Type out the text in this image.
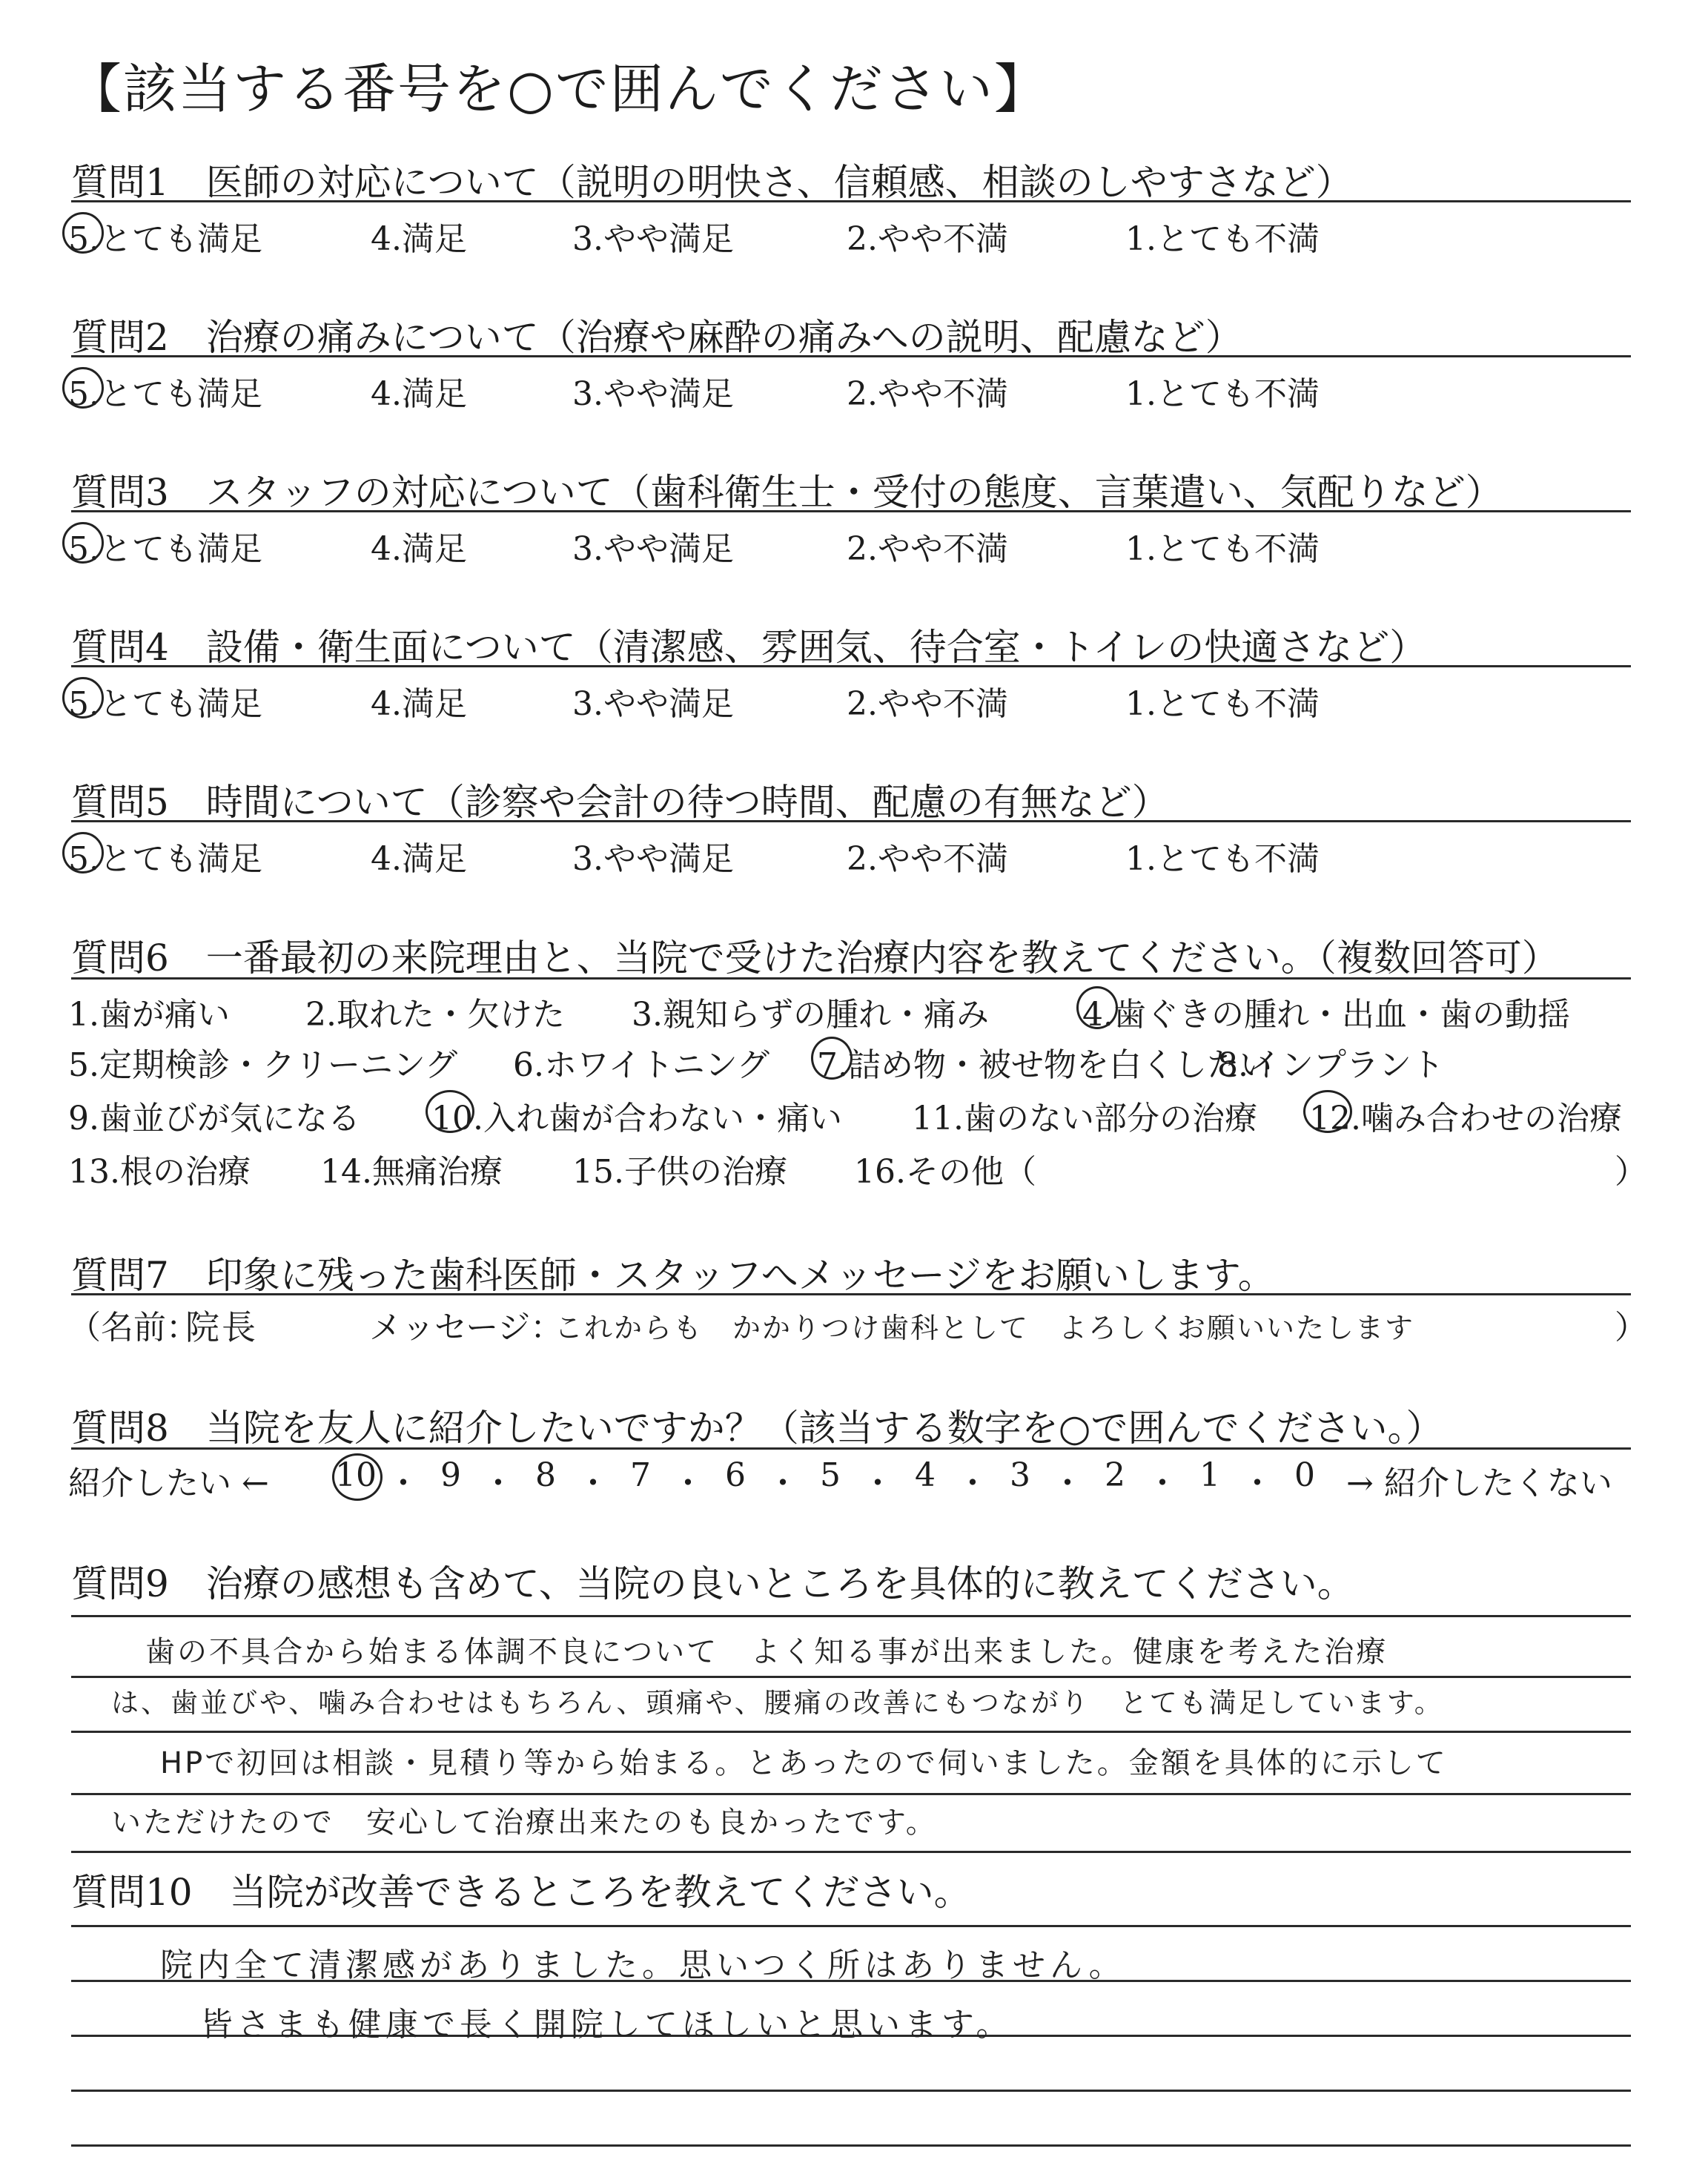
【該当する番号を○で囲んでください】
質問1　医師の対応について（説明の明快さ、信頼感、相談のしやすさなど）
5.とても満足	4.満足	3.やや満足	2.やや不満	1.とても不満
質問2　治療の痛みについて（治療や麻酔の痛みへの説明、配慮など）
5.とても満足	4.満足	3.やや満足	2.やや不満	1.とても不満
質問3　スタッフの対応について（歯科衛生士・受付の態度、言葉遣い、気配りなど）
5.とても満足	4.満足	3.やや満足	2.やや不満	1.とても不満
質問4　設備・衛生面について（清潔感、雰囲気、待合室・トイレの快適さなど）
5.とても満足	4.満足	3.やや満足	2.やや不満	1.とても不満
質問5　時間について（診察や会計の待つ時間、配慮の有無など）
5.とても満足	4.満足	3.やや満足	2.やや不満	1.とても不満
質問6　一番最初の来院理由と、当院で受けた治療内容を教えてください。（複数回答可）
1.歯が痛い 2.取れた・欠けた 3.親知らずの腫れ・痛み	4.歯ぐきの腫れ・出血・歯の動揺
5.定期検診・クリーニング 6.ホワイトニング 7.詰め物・被せ物を白くしたい
8.インプラント
9.歯並びが気になる 10.入れ歯が合わない・痛い 11.歯のない部分の治療 12.噛み合わせの治療
13.根の治療 14.無痛治療 15.子供の治療 16.その他（	）
質問7　印象に残った歯科医師・スタッフへメッセージをお願いします。
（名前：
院長	メッセージ：
これからも　かかりつけ歯科として　よろしくお願いいたします	）
質問8　当院を友人に紹介したいですか？（該当する数字を○で囲んでください。）
紹介したい ← 10 ・ 9 ・ 8 ・ 7 ・ 6 ・ 5 ・ 4 ・ 3 ・ 2 ・ 1 ・ 0 → 紹介したくない
質問9　治療の感想も含めて、当院の良いところを具体的に教えてください。
歯の不具合から始まる体調不良について　よく知る事が出来ました。健康を考えた治療
は、歯並びや、噛み合わせはもちろん、頭痛や、腰痛の改善にもつながり　とても満足しています。
HPで初回は相談・見積り等から始まる。とあったので伺いました。金額を具体的に示して
いただけたので　安心して治療出来たのも良かったです。
質問10　当院が改善できるところを教えてください。
院内全て清潔感がありました。思いつく所はありません。
皆さまも健康で長く開院してほしいと思います。
